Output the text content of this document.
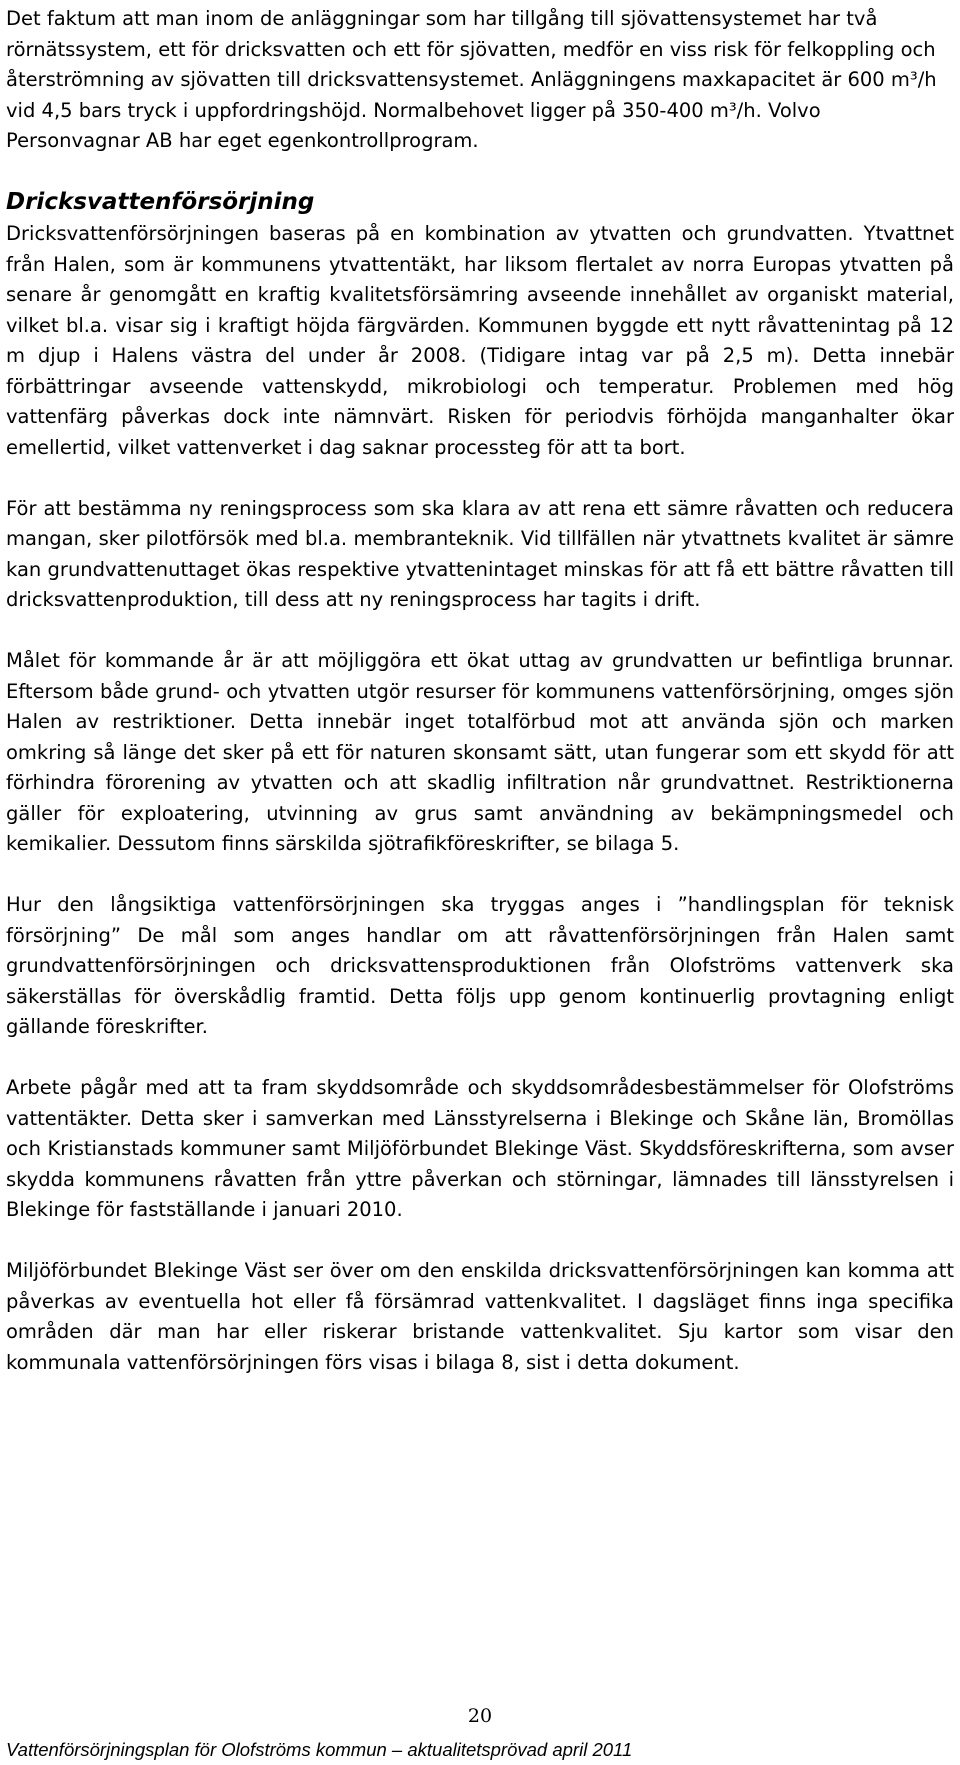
Det faktum att man inom de anläggningar som har tillgång till sjövattensystemet har två rörnätssystem, ett för dricksvatten och ett för sjövatten, medför en viss risk för felkoppling och återströmning av sjövatten till dricksvattensystemet. Anläggningens maxkapacitet är 600 m³/h vid 4,5 bars tryck i uppfordringshöjd. Normalbehovet ligger på 350-400 m³/h. Volvo Personvagnar AB har eget egenkontrollprogram.

Dricksvattenförsörjning

Dricksvattenförsörjningen baseras på en kombination av ytvatten och grundvatten. Ytvattnet från Halen, som är kommunens ytvattentäkt, har liksom flertalet av norra Europas ytvatten på senare år genomgått en kraftig kvalitetsförsämring avseende innehållet av organiskt material, vilket bl.a. visar sig i kraftigt höjda färgvärden. Kommunen byggde ett nytt råvattenintag på 12 m djup i Halens västra del under år 2008. (Tidigare intag var på 2,5 m). Detta innebär förbättringar avseende vattenskydd, mikrobiologi och temperatur. Problemen med hög vattenfärg påverkas dock inte nämnvärt. Risken för periodvis förhöjda manganhalter ökar emellertid, vilket vattenverket i dag saknar processteg för att ta bort.

För att bestämma ny reningsprocess som ska klara av att rena ett sämre råvatten och reducera mangan, sker pilotförsök med bl.a. membranteknik. Vid tillfällen när ytvattnets kvalitet är sämre kan grundvattenuttaget ökas respektive ytvattenintaget minskas för att få ett bättre råvatten till dricksvattenproduktion, till dess att ny reningsprocess har tagits i drift.

Målet för kommande år är att möjliggöra ett ökat uttag av grundvatten ur befintliga brunnar. Eftersom både grund- och ytvatten utgör resurser för kommunens vattenförsörjning, omges sjön Halen av restriktioner. Detta innebär inget totalförbud mot att använda sjön och marken omkring så länge det sker på ett för naturen skonsamt sätt, utan fungerar som ett skydd för att förhindra förorening av ytvatten och att skadlig infiltration når grundvattnet. Restriktionerna gäller för exploatering, utvinning av grus samt användning av bekämpningsmedel och kemikalier. Dessutom finns särskilda sjötrafikföreskrifter, se bilaga 5.

Hur den långsiktiga vattenförsörjningen ska tryggas anges i ”handlingsplan för teknisk försörjning” De mål som anges handlar om att råvattenförsörjningen från Halen samt grundvattenförsörjningen och dricksvattensproduktionen från Olofströms vattenverk ska säkerställas för överskådlig framtid. Detta följs upp genom kontinuerlig provtagning enligt gällande föreskrifter.

Arbete pågår med att ta fram skyddsområde och skyddsområdesbestämmelser för Olofströms vattentäkter. Detta sker i samverkan med Länsstyrelserna i Blekinge och Skåne län, Bromöllas och Kristianstads kommuner samt Miljöförbundet Blekinge Väst. Skyddsföreskrifterna, som avser skydda kommunens råvatten från yttre påverkan och störningar, lämnades till länsstyrelsen i Blekinge för fastställande i januari 2010.

Miljöförbundet Blekinge Väst ser över om den enskilda dricksvattenförsörjningen kan komma att påverkas av eventuella hot eller få försämrad vattenkvalitet. I dagsläget finns inga specifika områden där man har eller riskerar bristande vattenkvalitet. Sju kartor som visar den kommunala vattenförsörjningen förs visas i bilaga 8, sist i detta dokument.

20
Vattenförsörjningsplan för Olofströms kommun – aktualitetsprövad april 2011
